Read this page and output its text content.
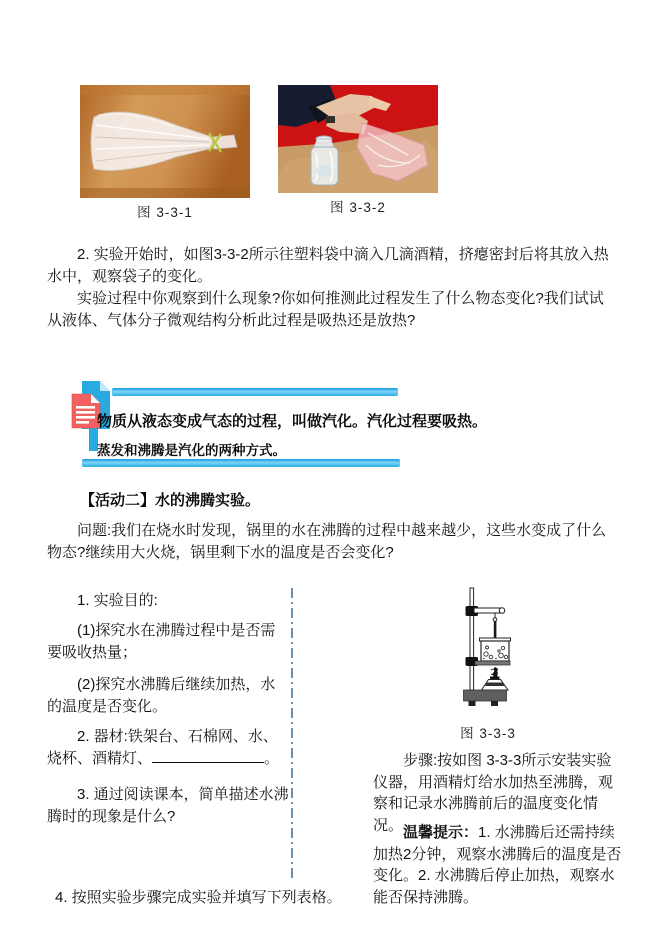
图 3-3-1	图 3-3-2
2. 实验开始时，如图3-3-2所示往塑料袋中滴入几滴酒精，挤瘪密封后将其放入热水中，观察袋子的变化。
实验过程中你观察到什么现象?你如何推测此过程发生了什么物态变化?我们试试从液体、气体分子微观结构分析此过程是吸热还是放热?
物质从液态变成气态的过程，叫做汽化。汽化过程要吸热。
蒸发和沸腾是汽化的两种方式。
【活动二】水的沸腾实验。
问题:我们在烧水时发现，锅里的水在沸腾的过程中越来越少，这些水变成了什么物态?继续用大火烧，锅里剩下水的温度是否会变化?
1. 实验目的:
(1)探究水在沸腾过程中是否需要吸收热量；
(2)探究水沸腾后继续加热，水的温度是否变化。
2. 器材:铁架台、石棉网、水、烧杯、酒精灯、	。
3. 通过阅读课本，简单描述水沸腾时的现象是什么?
图 3-3-3
步骤:按如图 3-3-3所示安装实验仪器，用酒精灯给水加热至沸腾，观察和记录水沸腾前后的温度变化情况。 温馨提示：1. 水沸腾后还需持续加热2分钟，观察水沸腾后的温度是否变化。2. 水沸腾后停止加热，观察水能否保持沸腾。
4. 按照实验步骤完成实验并填写下列表格。
